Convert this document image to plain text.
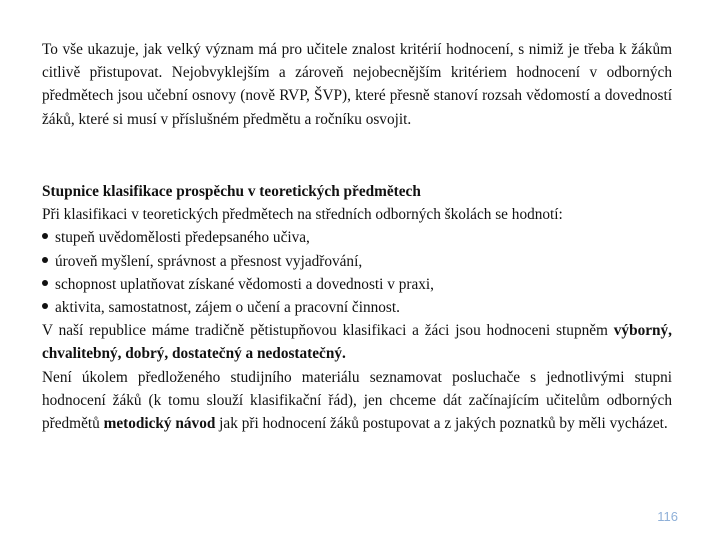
To vše ukazuje, jak velký význam má pro učitele znalost kritérií hodnocení, s nimiž je třeba k žákům citlivě přistupovat. Nejobvyklejším a zároveň nejobecnějším kritériem hodnocení v odborných předmětech jsou učební osnovy (nově RVP, ŠVP), které přesně stanoví rozsah vědomostí a dovedností žáků, které si musí v příslušném předmětu a ročníku osvojit.

Stupnice klasifikace prospěchu v teoretických předmětech
Při klasifikaci v teoretických předmětech na středních odborných školách se hodnotí:
stupeň uvědomělosti předepsaného učiva,
úroveň myšlení, správnost a přesnost vyjadřování,
schopnost uplatňovat získané vědomosti a dovednosti v praxi,
aktivita, samostatnost, zájem o učení a pracovní činnost.
V naší republice máme tradičně pětistupňovou klasifikaci a žáci jsou hodnoceni stupněm výborný, chvalitebný, dobrý, dostatečný a nedostatečný.
Není úkolem předloženého studijního materiálu seznamovat posluchače s jednotlivými stupni hodnocení žáků (k tomu slouží klasifikační řád), jen chceme dát začínajícím učitelům odborných předmětů metodický návod jak při hodnocení žáků postupovat a z jakých poznatků by měli vycházet.
116
